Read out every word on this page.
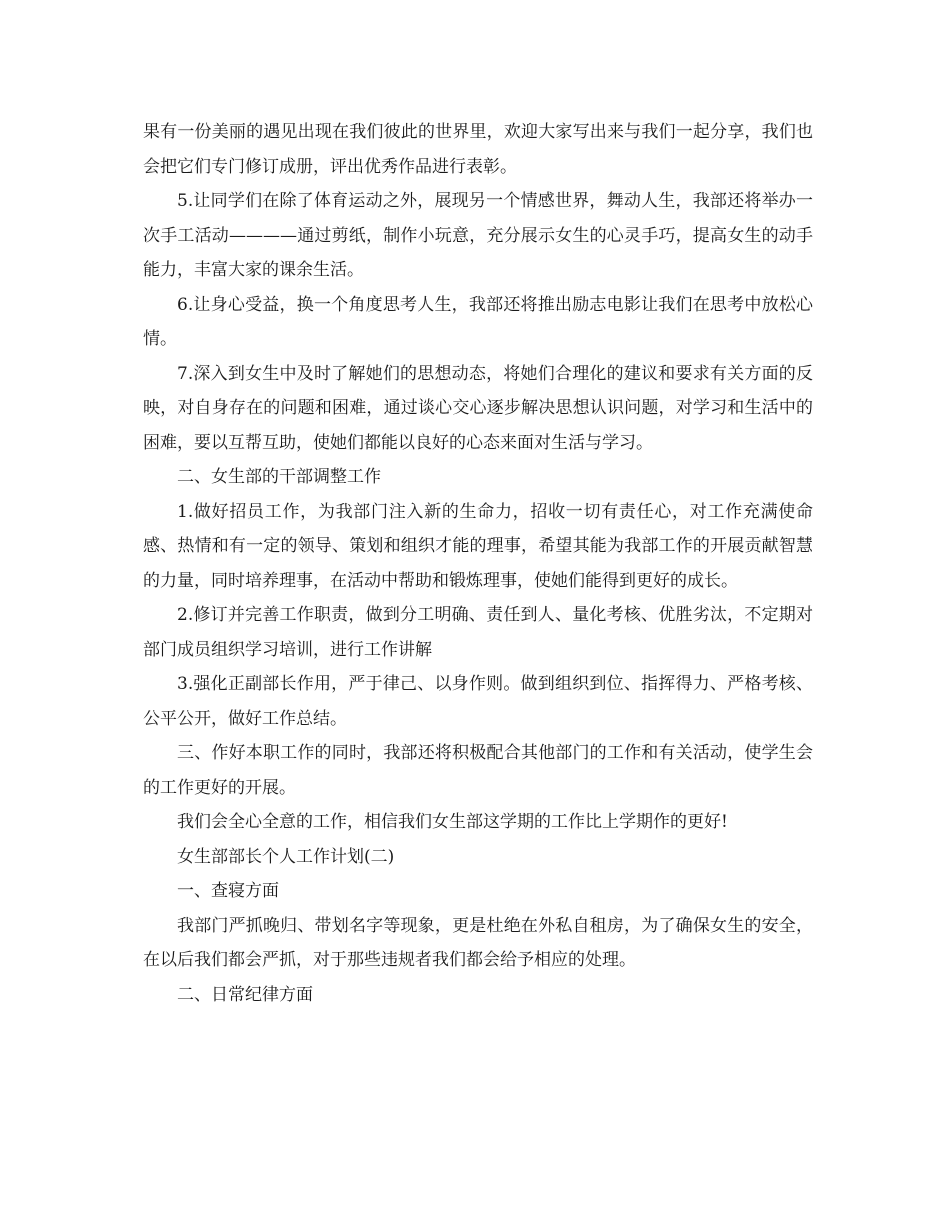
果有一份美丽的遇见出现在我们彼此的世界里，欢迎大家写出来与我们一起分享，我们也会把它们专门修订成册，评出优秀作品进行表彰。

5.让同学们在除了体育运动之外，展现另一个情感世界，舞动人生，我部还将举办一次手工活动————通过剪纸，制作小玩意，充分展示女生的心灵手巧，提高女生的动手能力，丰富大家的课余生活。

6.让身心受益，换一个角度思考人生，我部还将推出励志电影让我们在思考中放松心情。

7.深入到女生中及时了解她们的思想动态，将她们合理化的建议和要求有关方面的反映，对自身存在的问题和困难，通过谈心交心逐步解决思想认识问题，对学习和生活中的困难，要以互帮互助，使她们都能以良好的心态来面对生活与学习。

二、女生部的干部调整工作

1.做好招员工作，为我部门注入新的生命力，招收一切有责任心，对工作充满使命感、热情和有一定的领导、策划和组织才能的理事，希望其能为我部工作的开展贡献智慧的力量，同时培养理事，在活动中帮助和锻炼理事，使她们能得到更好的成长。

2.修订并完善工作职责，做到分工明确、责任到人、量化考核、优胜劣汰，不定期对部门成员组织学习培训，进行工作讲解

3.强化正副部长作用，严于律己、以身作则。做到组织到位、指挥得力、严格考核、公平公开，做好工作总结。

三、作好本职工作的同时，我部还将积极配合其他部门的工作和有关活动，使学生会的工作更好的开展。

我们会全心全意的工作，相信我们女生部这学期的工作比上学期作的更好!

女生部部长个人工作计划(二)

一、查寝方面

我部门严抓晚归、带划名字等现象，更是杜绝在外私自租房，为了确保女生的安全，在以后我们都会严抓，对于那些违规者我们都会给予相应的处理。

二、日常纪律方面
